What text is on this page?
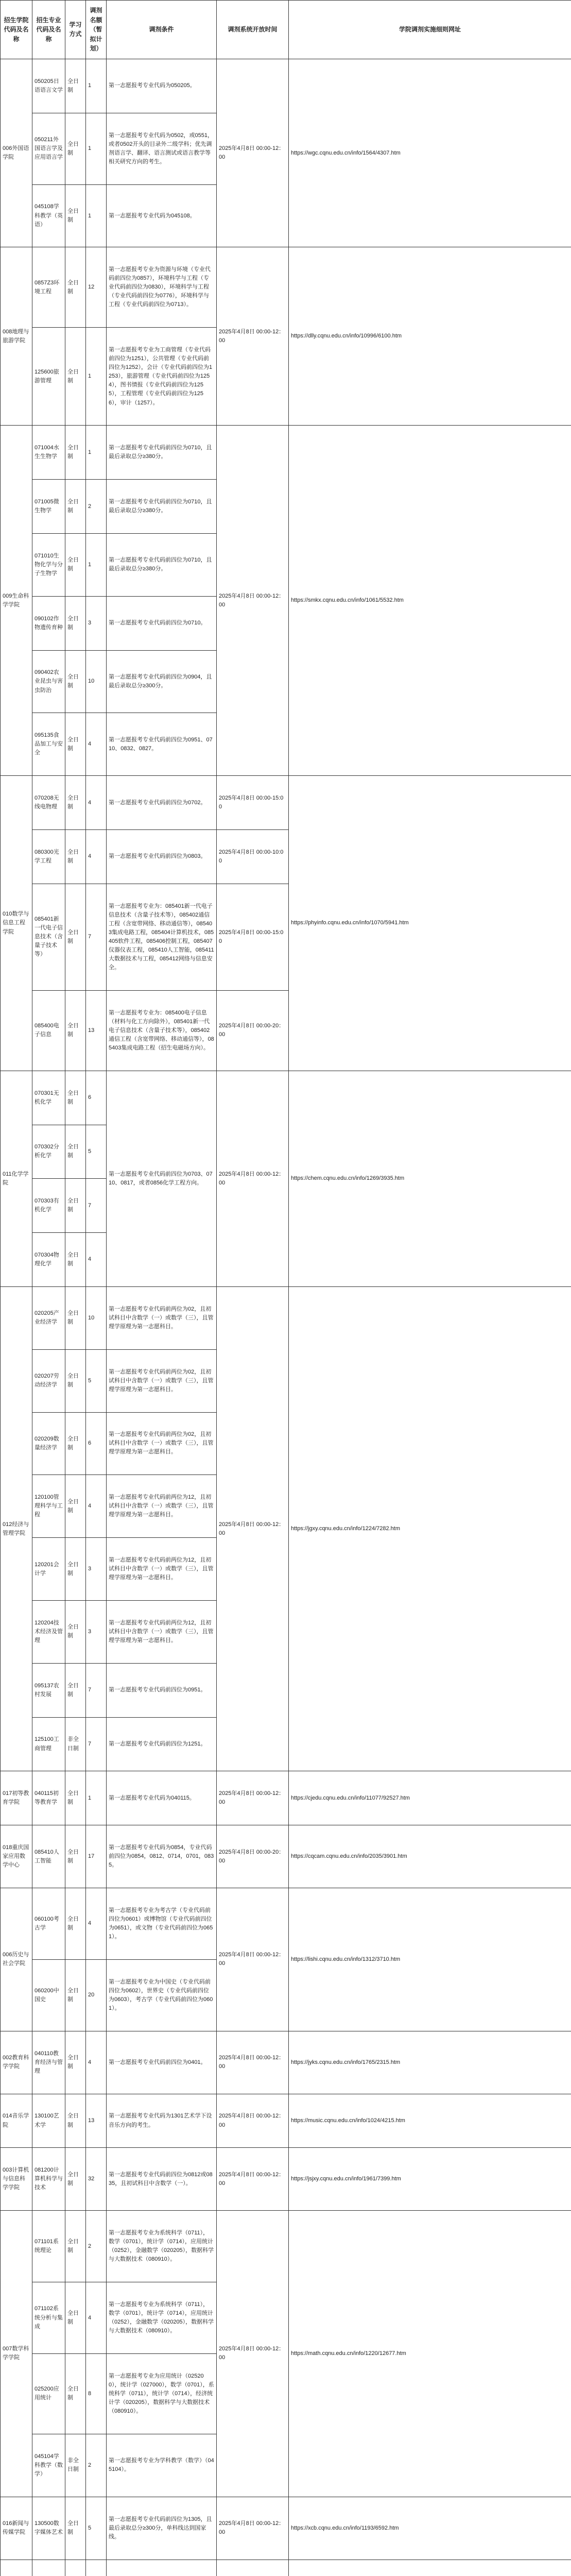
招生学院代码及名称	招生专业代码及名称	学习方式	调剂名额（暂拟计划）	调剂条件	调剂系统开放时间	学院调剂实施细则网址
006外国语学院	050205日语语言文学	全日制	1	第一志愿报考专业代码为050205。	2025年4月8日 00:00-12：00	https://wgc.cqnu.edu.cn/info/1564/4307.htm
	050211外国语言学及应用语言学	全日制	1	第一志愿报考专业代码为0502，或0551，或者0502开头的目录外二级学科；优先调剂语言学、翻译、语言测试或语言教学等相关研究方向的考生。		
	045108学科教学（英语）	全日制	1	第一志愿报考专业代码为045108。		
008地理与旅游学院	0857Z3环境工程	全日制	12	第一志愿报考专业为资源与环境（专业代码前四位为0857），环境科学与工程（专业代码前四位为0830），环境科学与工程（专业代码前四位为0776），环境科学与工程（专业代码前四位为0713）。	2025年4月8日 00:00-12：00	https://dlly.cqnu.edu.cn/info/10996/6100.htm
	125600旅游管理	全日制	1	第一志愿报考专业为工商管理（专业代码前四位为1251），公共管理（专业代码前四位为1252），会计（专业代码前四位为1253），旅游管理（专业代码前四位为1254），图书情报（专业代码前四位为1255），工程管理（专业代码前四位为1256），审计（1257）。		
009生命科学学院	071004水生生物学	全日制	1	第一志愿报考专业代码前四位为0710，且最后录取总分≥380分。	2025年4月8日 00:00-12：00	https://smkx.cqnu.edu.cn/info/1061/5532.htm
	071005微生物学	全日制	2	第一志愿报考专业代码前四位为0710，且最后录取总分≥380分。		
	071010生物化学与分子生物学	全日制	1	第一志愿报考专业代码前四位为0710，且最后录取总分≥380分。		
	090102作物遗传育种	全日制	3	第一志愿报考专业代码前四位为0710。		
	090402农业昆虫与害虫防治	全日制	10	第一志愿报考专业代码前四位为0904，且最后录取总分≥300分。		
	095135食品加工与安全	全日制	4	第一志愿报考专业代码前四位为0951、0710、0832、0827。		
010数学与信息工程学院	070208无线电物理	全日制	4	第一志愿报考专业代码前四位为0702。	2025年4月8日 00:00-15:00	https://phyinfo.cqnu.edu.cn/info/1070/5941.htm
	080300光学工程	全日制	4	第一志愿报考专业代码前四位为0803。	2025年4月8日 00:00-10:00	
	085401新一代电子信息技术（含量子技术等）	全日制	7	第一志愿报考专业为：085401新一代电子信息技术（含量子技术等），085402通信工程（含宽带网络、移动通信等），085403集成电路工程，085404计算机技术，085405软件工程，085406控制工程，085407仪器仪表工程，085410人工智能，085411大数据技术与工程，085412网络与信息安全。	2025年4月8日 00:00-15:00	
	085400电子信息	全日制	13	第一志愿报考专业为：085400电子信息（材料与化工方向除外），085401新一代电子信息技术（含量子技术等），085402通信工程（含宽带网络、移动通信等），085403集成电路工程（招生电磁场方向）。	2025年4月8日 00:00-20：00	
011化学学院	070301无机化学	全日制	6	第一志愿报考专业代码前四位为0703、0710、0817，或者0856化学工程方向。	2025年4月8日 00:00-12：00	https://chem.cqnu.edu.cn/info/1269/3935.htm
	070302分析化学	全日制	5			
	070303有机化学	全日制	7			
	070304物理化学	全日制	4			
012经济与管理学院	020205产业经济学	全日制	10	第一志愿报考专业代码前两位为02，且初试科目中含数学（一）或数学（三），且管理学原理为第一志愿科目。	2025年4月8日 00:00-12：00	https://jgxy.cqnu.edu.cn/info/1224/7282.htm
	020207劳动经济学	全日制	5	第一志愿报考专业代码前两位为02，且初试科目中含数学（一）或数学（三），且管理学原理为第一志愿科目。		
	020209数量经济学	全日制	6	第一志愿报考专业代码前两位为02，且初试科目中含数学（一）或数学（三），且管理学原理为第一志愿科目。		
	120100管理科学与工程	全日制	4	第一志愿报考专业代码前两位为12，且初试科目中含数学（一）或数学（三），且管理学原理为第一志愿科目。		
	120201会计学	全日制	3	第一志愿报考专业代码前两位为12，且初试科目中含数学（一）或数学（三），且管理学原理为第一志愿科目。		
	120204技术经济及管理	全日制	3	第一志愿报考专业代码前两位为12，且初试科目中含数学（一）或数学（三），且管理学原理为第一志愿科目。		
	095137农村发展	全日制	7	第一志愿报考专业代码前四位为0951。		
	125100工商管理	非全日制	7	第一志愿报考专业代码前四位为1251。		
017初等教育学院	040115初等教育学	全日制	1	第一志愿报考专业代码为040115。	2025年4月8日 00:00-12：00	https://cjedu.cqnu.edu.cn/info/11077/92527.htm
018重庆国家应用数学中心	085410人工智能	全日制	17	第一志愿报考专业代码为0854，专业代码前四位为0854，0812、0714，0701，0835。	2025年4月8日 00:00-20：00	https://cqcam.cqnu.edu.cn/info/2035/3901.htm
006历史与社会学院	060100考古学	全日制	4	第一志愿报考专业为考古学（专业代码前四位为0601）或博物馆（专业代码前四位为0651），或文物（专业代码前四位为0651）。	2025年4月8日 00:00-12：00	https://lishi.cqnu.edu.cn/info/1312/3710.htm
	060200中国史	全日制	20	第一志愿报考专业为中国史（专业代码前四位为0602），世界史（专业代码前四位为0603），考古学（专业代码前四位为0601）。		
002教育科学学院	040110教育经济与管理	全日制	4	第一志愿报考专业代码前四位为0401。	2025年4月8日 00:00-12：00	https://jyks.cqnu.edu.cn/info/1765/2315.htm
014音乐学院	130100艺术学	全日制	13	第一志愿报考专业代码为1301艺术学下设音乐方向的考生。	2025年4月8日 00:00-12：00	https://music.cqnu.edu.cn/info/1024/4215.htm
003计算机与信息科学学院	081200计算机科学与技术	全日制	32	第一志愿报考专业代码前四位为0812或0835，且初试科目中含数学（一）。	2025年4月8日 00:00-12：00	https://jsjxy.cqnu.edu.cn/info/1961/7399.htm
007数学科学学院	071101系统理论	全日制	2	第一志愿报考专业为系统科学（0711），数学（0701），统计学（0714），应用统计（0252），金融数学（020205），数据科学与大数据技术（080910）。	2025年4月8日 00:00-12：00	https://math.cqnu.edu.cn/info/1220/12677.htm
	071102系统分析与集成	全日制	4	第一志愿报考专业为系统科学（0711），数学（0701），统计学（0714），应用统计（0252），金融数学（020205），数据科学与大数据技术（080910）。		
	025200应用统计	全日制	8	第一志愿报考专业为应用统计（025200），统计学（027000），数学（0701），系统科学（0711），统计学（0714），经济统计学（020205），数据科学与大数据技术（080910）。		
	045104学科教学（数学）	非全日制	2	第一志愿报考专业为学科教学（数学）（045104）。		
016新闻与传媒学院	130500数字媒体艺术	全日制	5	第一志愿报考专业代码前四位为1305，且最后录取总分≥300分，单科线达到国家线。	2025年4月8日 00:00-12：00	https://xcb.cqnu.edu.cn/info/1193/6592.htm
